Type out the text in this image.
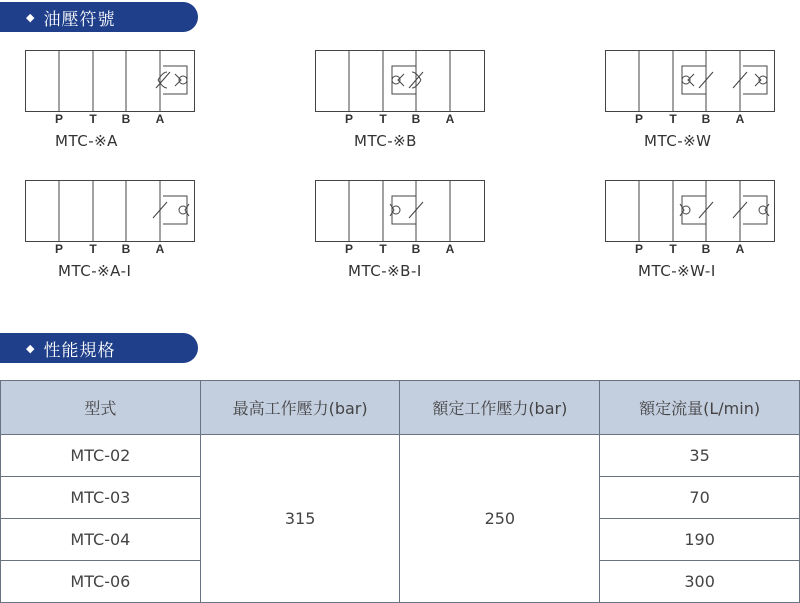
◆ 油壓符號
P T B A
MTC-※A
P T B A
MTC-※B
P T B A
MTC-※W
P T B A
MTC-※A-I
P T B A
MTC-※B-I
P T B A
MTC-※W-I
◆ 性能規格
型式	最高工作壓力(bar)	額定工作壓力(bar)	額定流量(L/min)
MTC-02	315	250	35
MTC-03			70
MTC-04			190
MTC-06			300
